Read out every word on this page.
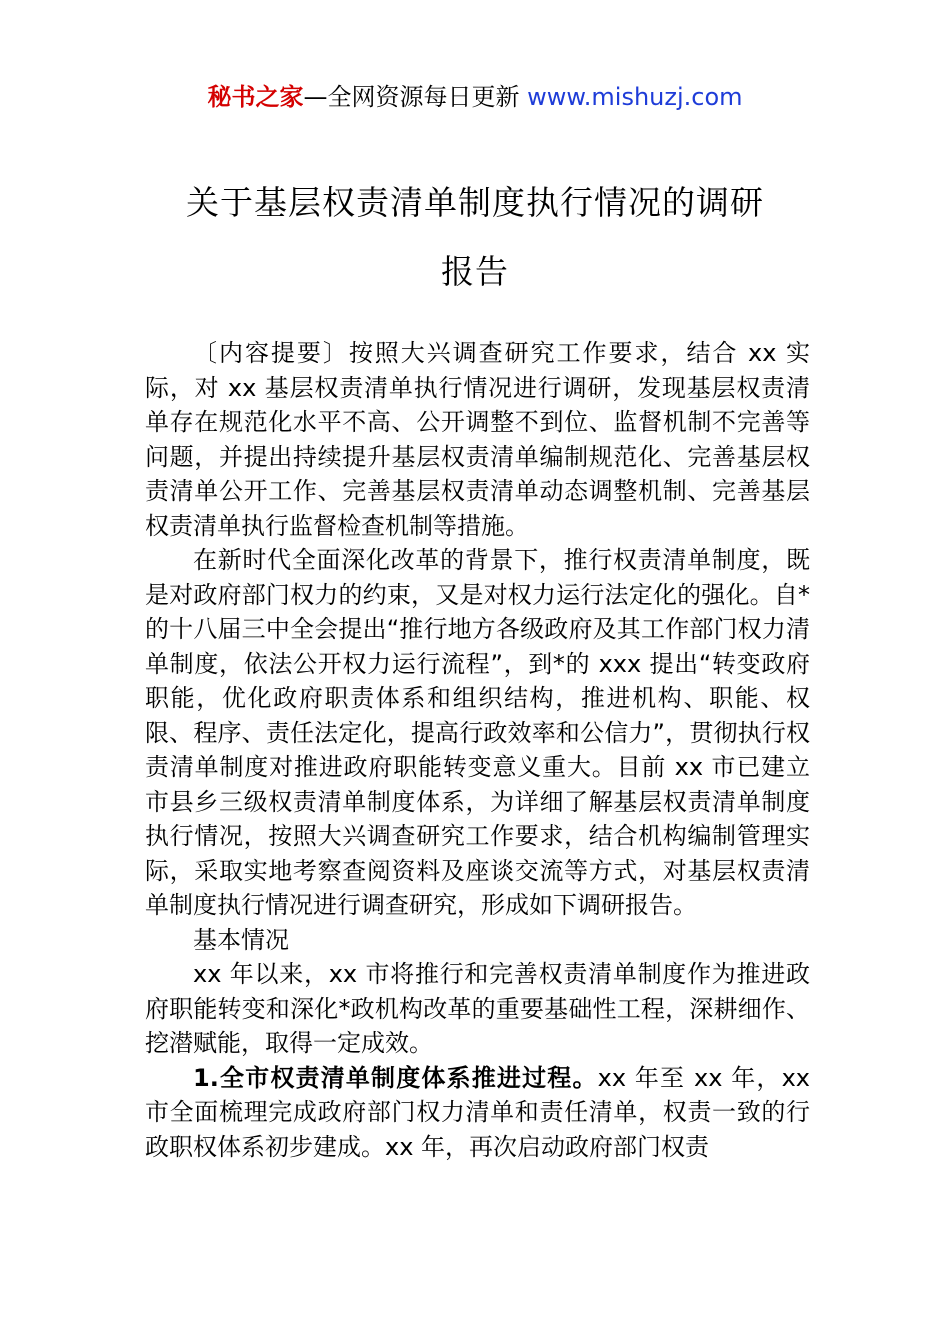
秘书之家—全网资源每日更新 www.mishuzj.com
关于基层权责清单制度执行情况的调研
报告

〔内容提要〕按照大兴调查研究工作要求，结合 xx 实际，对 xx 基层权责清单执行情况进行调研，发现基层权责清单存在规范化水平不高、公开调整不到位、监督机制不完善等问题，并提出持续提升基层权责清单编制规范化、完善基层权责清单公开工作、完善基层权责清单动态调整机制、完善基层权责清单执行监督检查机制等措施。

在新时代全面深化改革的背景下，推行权责清单制度，既是对政府部门权力的约束，又是对权力运行法定化的强化。自*的十八届三中全会提出“推行地方各级政府及其工作部门权力清单制度，依法公开权力运行流程”，到*的 xxx 提出“转变政府职能，优化政府职责体系和组织结构，推进机构、职能、权限、程序、责任法定化，提高行政效率和公信力”，贯彻执行权责清单制度对推进政府职能转变意义重大。目前 xx 市已建立市县乡三级权责清单制度体系，为详细了解基层权责清单制度执行情况，按照大兴调查研究工作要求，结合机构编制管理实际，采取实地考察查阅资料及座谈交流等方式，对基层权责清单制度执行情况进行调查研究，形成如下调研报告。

基本情况

xx 年以来，xx 市将推行和完善权责清单制度作为推进政府职能转变和深化*政机构改革的重要基础性工程，深耕细作、挖潜赋能，取得一定成效。

1.全市权责清单制度体系推进过程。xx 年至 xx 年，xx 市全面梳理完成政府部门权力清单和责任清单，权责一致的行政职权体系初步建成。xx 年，再次启动政府部门权责
